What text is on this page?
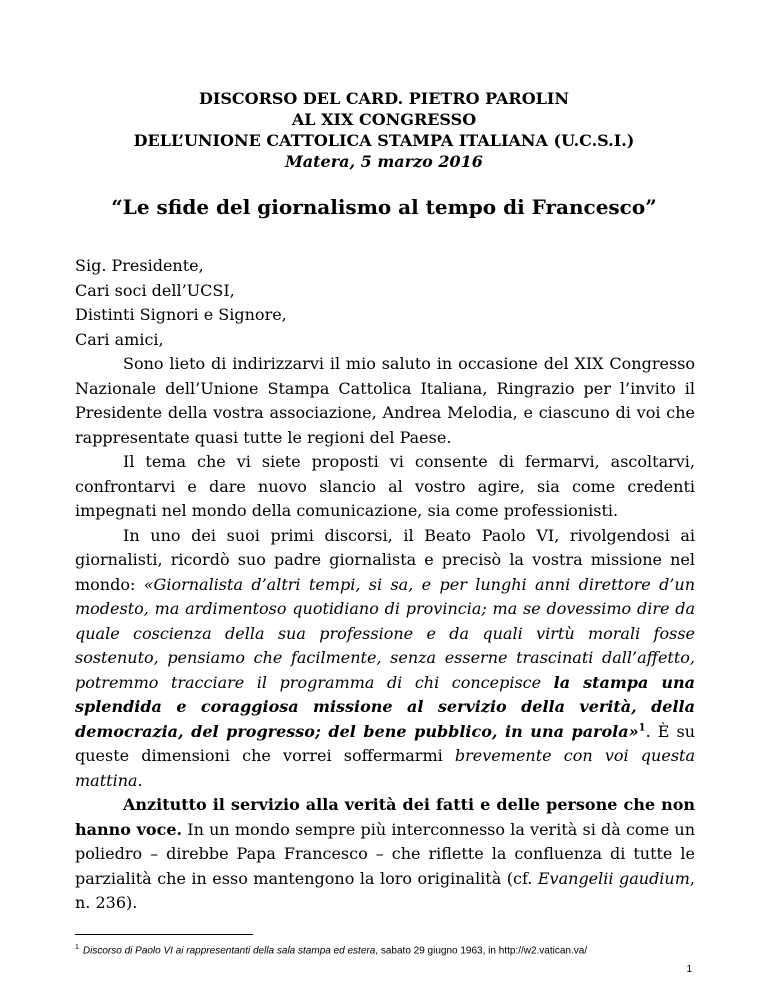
DISCORSO DEL CARD. PIETRO PAROLIN
AL XIX CONGRESSO
DELL’UNIONE CATTOLICA STAMPA ITALIANA (U.C.S.I.)
Matera, 5 marzo 2016
“Le sfide del giornalismo al tempo di Francesco”
Sig. Presidente,
Cari soci dell’UCSI,
Distinti Signori e Signore,
Cari amici,

Sono lieto di indirizzarvi il mio saluto in occasione del XIX Congresso Nazionale dell’Unione Stampa Cattolica Italiana, Ringrazio per l’invito il Presidente della vostra associazione, Andrea Melodia, e ciascuno di voi che rappresentate quasi tutte le regioni del Paese.

Il tema che vi siete proposti vi consente di fermarvi, ascoltarvi, confrontarvi e dare nuovo slancio al vostro agire, sia come credenti impegnati nel mondo della comunicazione, sia come professionisti.

In uno dei suoi primi discorsi, il Beato Paolo VI, rivolgendosi ai giornalisti, ricordò suo padre giornalista e precisò la vostra missione nel mondo: «Giornalista d’altri tempi, si sa, e per lunghi anni direttore d’un modesto, ma ardimentoso quotidiano di provincia; ma se dovessimo dire da quale coscienza della sua professione e da quali virtù morali fosse sostenuto, pensiamo che facilmente, senza esserne trascinati dall’affetto, potremmo tracciare il programma di chi concepisce la stampa una splendida e coraggiosa missione al servizio della verità, della democrazia, del progresso; del bene pubblico, in una parola»$^1$. È su queste dimensioni che vorrei soffermarmi brevemente con voi questa mattina.

Anzitutto il servizio alla verità dei fatti e delle persone che non hanno voce. In un mondo sempre più interconnesso la verità si dà come un poliedro – direbbe Papa Francesco – che riflette la confluenza di tutte le parzialità che in esso mantengono la loro originalità (cf. Evangelii gaudium, n. 236).

$^1$ Discorso di Paolo VI ai rappresentanti della sala stampa ed estera, sabato 29 giugno 1963, in http://w2.vatican.va/
1
